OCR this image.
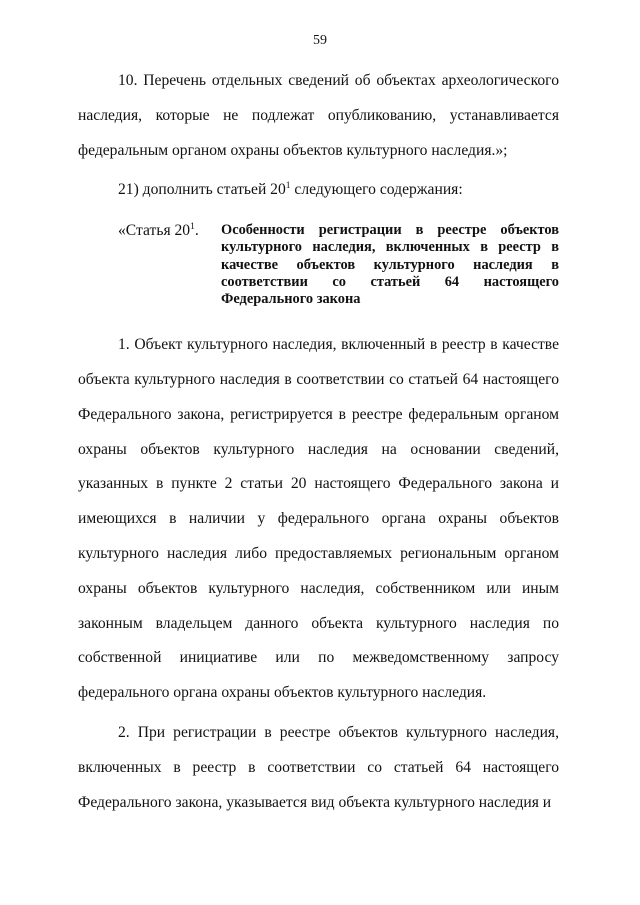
59

10. Перечень отдельных сведений об объектах археологического наследия, которые не подлежат опубликованию, устанавливается федеральным органом охраны объектов культурного наследия.»;

21) дополнить статьей $20^1$ следующего содержания:

«Статья $20^1$.	Особенности регистрации в реестре объектов культурного наследия, включенных в реестр в качестве объектов культурного наследия в соответствии со статьей 64 настоящего Федерального закона

1. Объект культурного наследия, включенный в реестр в качестве объекта культурного наследия в соответствии со статьей 64 настоящего Федерального закона, регистрируется в реестре федеральным органом охраны объектов культурного наследия на основании сведений, указанных в пункте 2 статьи 20 настоящего Федерального закона и имеющихся в наличии у федерального органа охраны объектов культурного наследия либо предоставляемых региональным органом охраны объектов культурного наследия, собственником или иным законным владельцем данного объекта культурного наследия по собственной инициативе или по межведомственному запросу федерального органа охраны объектов культурного наследия.

2. При регистрации в реестре объектов культурного наследия, включенных в реестр в соответствии со статьей 64 настоящего Федерального закона, указывается вид объекта культурного наследия и
